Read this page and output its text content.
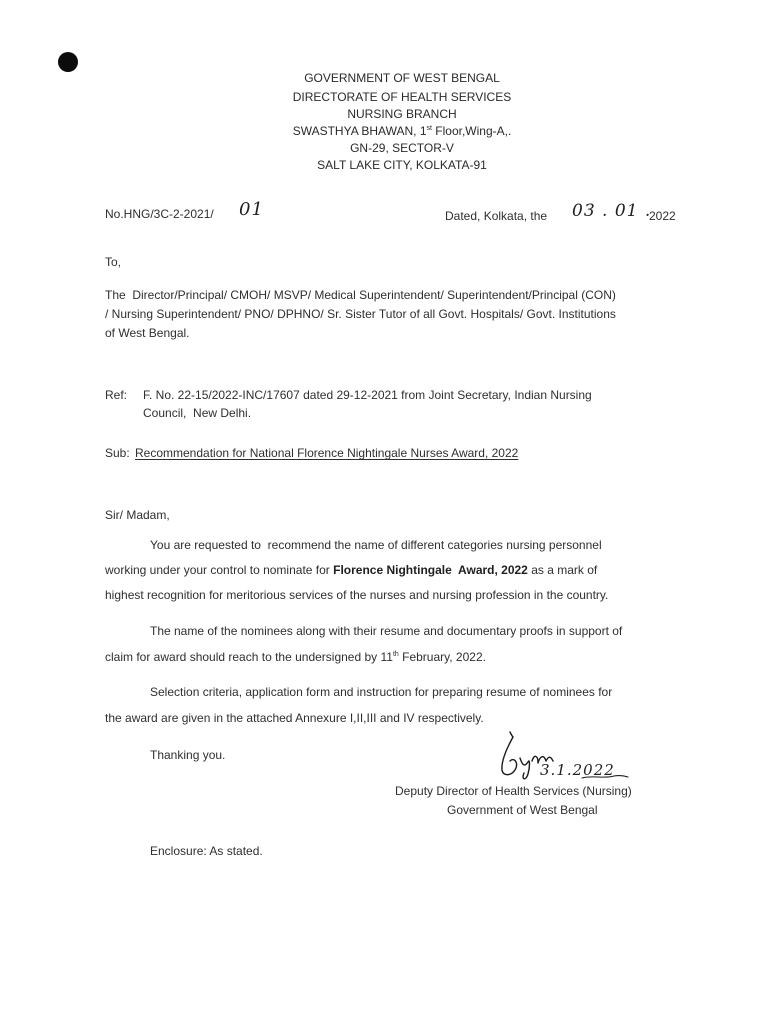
GOVERNMENT OF WEST BENGAL
DIRECTORATE OF HEALTH SERVICES
NURSING BRANCH
SWASTHYA BHAWAN, 1st Floor,Wing-A,.
GN-29, SECTOR-V
SALT LAKE CITY, KOLKATA-91
No.HNG/3C-2-2021/ 01	Dated, Kolkata, the 03 . 01 .
2022
To,
The  Director/Principal/ CMOH/ MSVP/ Medical Superintendent/ Superintendent/Principal (CON)
/ Nursing Superintendent/ PNO/ DPHNO/ Sr. Sister Tutor of all Govt. Hospitals/ Govt. Institutions
of West Bengal.
Ref: F. No. 22-15/2022-INC/17607 dated 29-12-2021 from Joint Secretary, Indian Nursing
Council,  New Delhi.
Sub: Recommendation for National Florence Nightingale Nurses Award, 2022
Sir/ Madam,
You are requested to  recommend the name of different categories nursing personnel
working under your control to nominate for Florence Nightingale  Award, 2022 as a mark of
highest recognition for meritorious services of the nurses and nursing profession in the country.
The name of the nominees along with their resume and documentary proofs in support of
claim for award should reach to the undersigned by 11th February, 2022.
Selection criteria, application form and instruction for preparing resume of nominees for
the award are given in the attached Annexure I,II,III and IV respectively.
Thanking you.
3.1.2022
Deputy Director of Health Services (Nursing)
Government of West Bengal
Enclosure: As stated.
